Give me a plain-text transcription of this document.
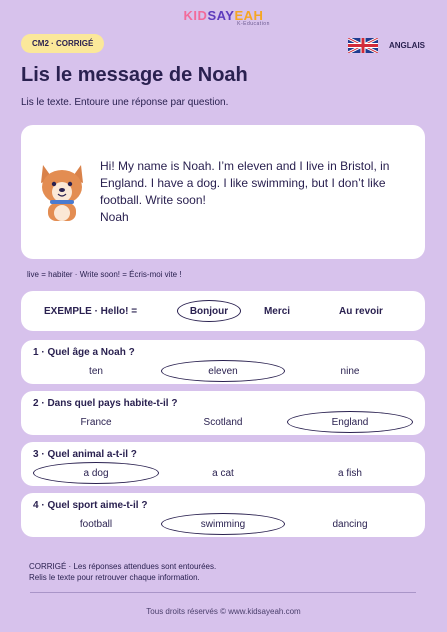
KIDSAYEAH
K-Education
CM2 · CORRIGÉ	ANGLAIS
Lis le message de Noah
Lis le texte. Entoure une réponse par question.

Hi! My name is Noah. I’m eleven and I live in Bristol, in

England. I have a dog. I like swimming, but I don’t like

football. Write soon!

Noah

live = habiter · Write soon! = Écris-moi vite !
EXEMPLE · Hello! =	Bonjour	Merci	Au revoir
1 · Quel âge a Noah ?
ten	eleven	nine
2 · Dans quel pays habite-t-il ?
France	Scotland	England
3 · Quel animal a-t-il ?
a dog	a cat	a fish
4 · Quel sport aime-t-il ?
football	swimming	dancing
CORRIGÉ · Les réponses attendues sont entourées.
Relis le texte pour retrouver chaque information.
Tous droits réservés © www.kidsayeah.com
